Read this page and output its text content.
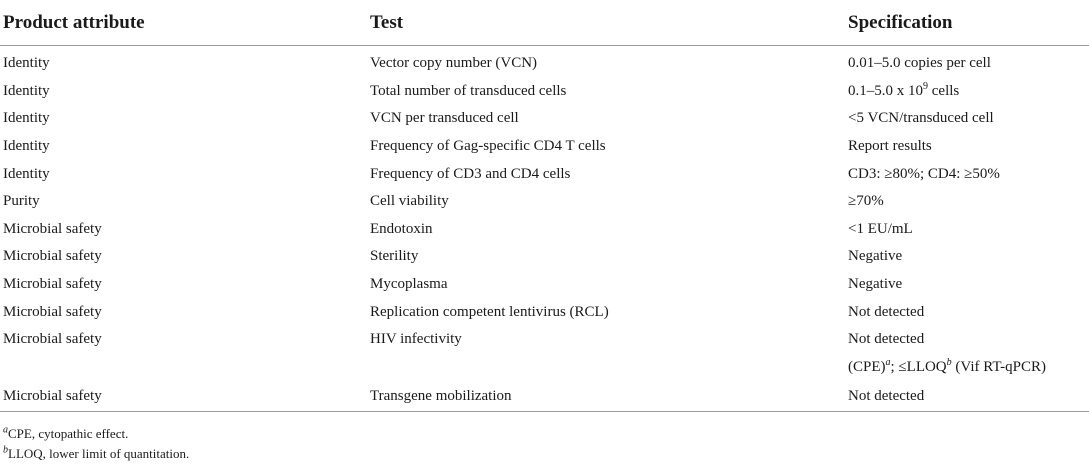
Product attribute	Test	Specification
Identity	Vector copy number (VCN)	0.01–5.0 copies per cell
Identity	Total number of transduced cells	0.1–5.0 x $10^9$ cells
Identity	VCN per transduced cell	<5 VCN/transduced cell
Identity	Frequency of Gag-specific CD4 T cells	Report results
Identity	Frequency of CD3 and CD4 cells	CD3: ≥80%; CD4: ≥50%
Purity	Cell viability	≥70%
Microbial safety	Endotoxin	<1 EU/mL
Microbial safety	Sterility	Negative
Microbial safety	Mycoplasma	Negative
Microbial safety	Replication competent lentivirus (RCL)	Not detected
Microbial safety	HIV infectivity	Not detected
		(CPE)$^a$; $\le LLOQ^b$ (Vif RT-qPCR)
Microbial safety	Transgene mobilization	Not detected
$^a$CPE, cytopathic effect.
$^b$LLOQ, lower limit of quantitation.
